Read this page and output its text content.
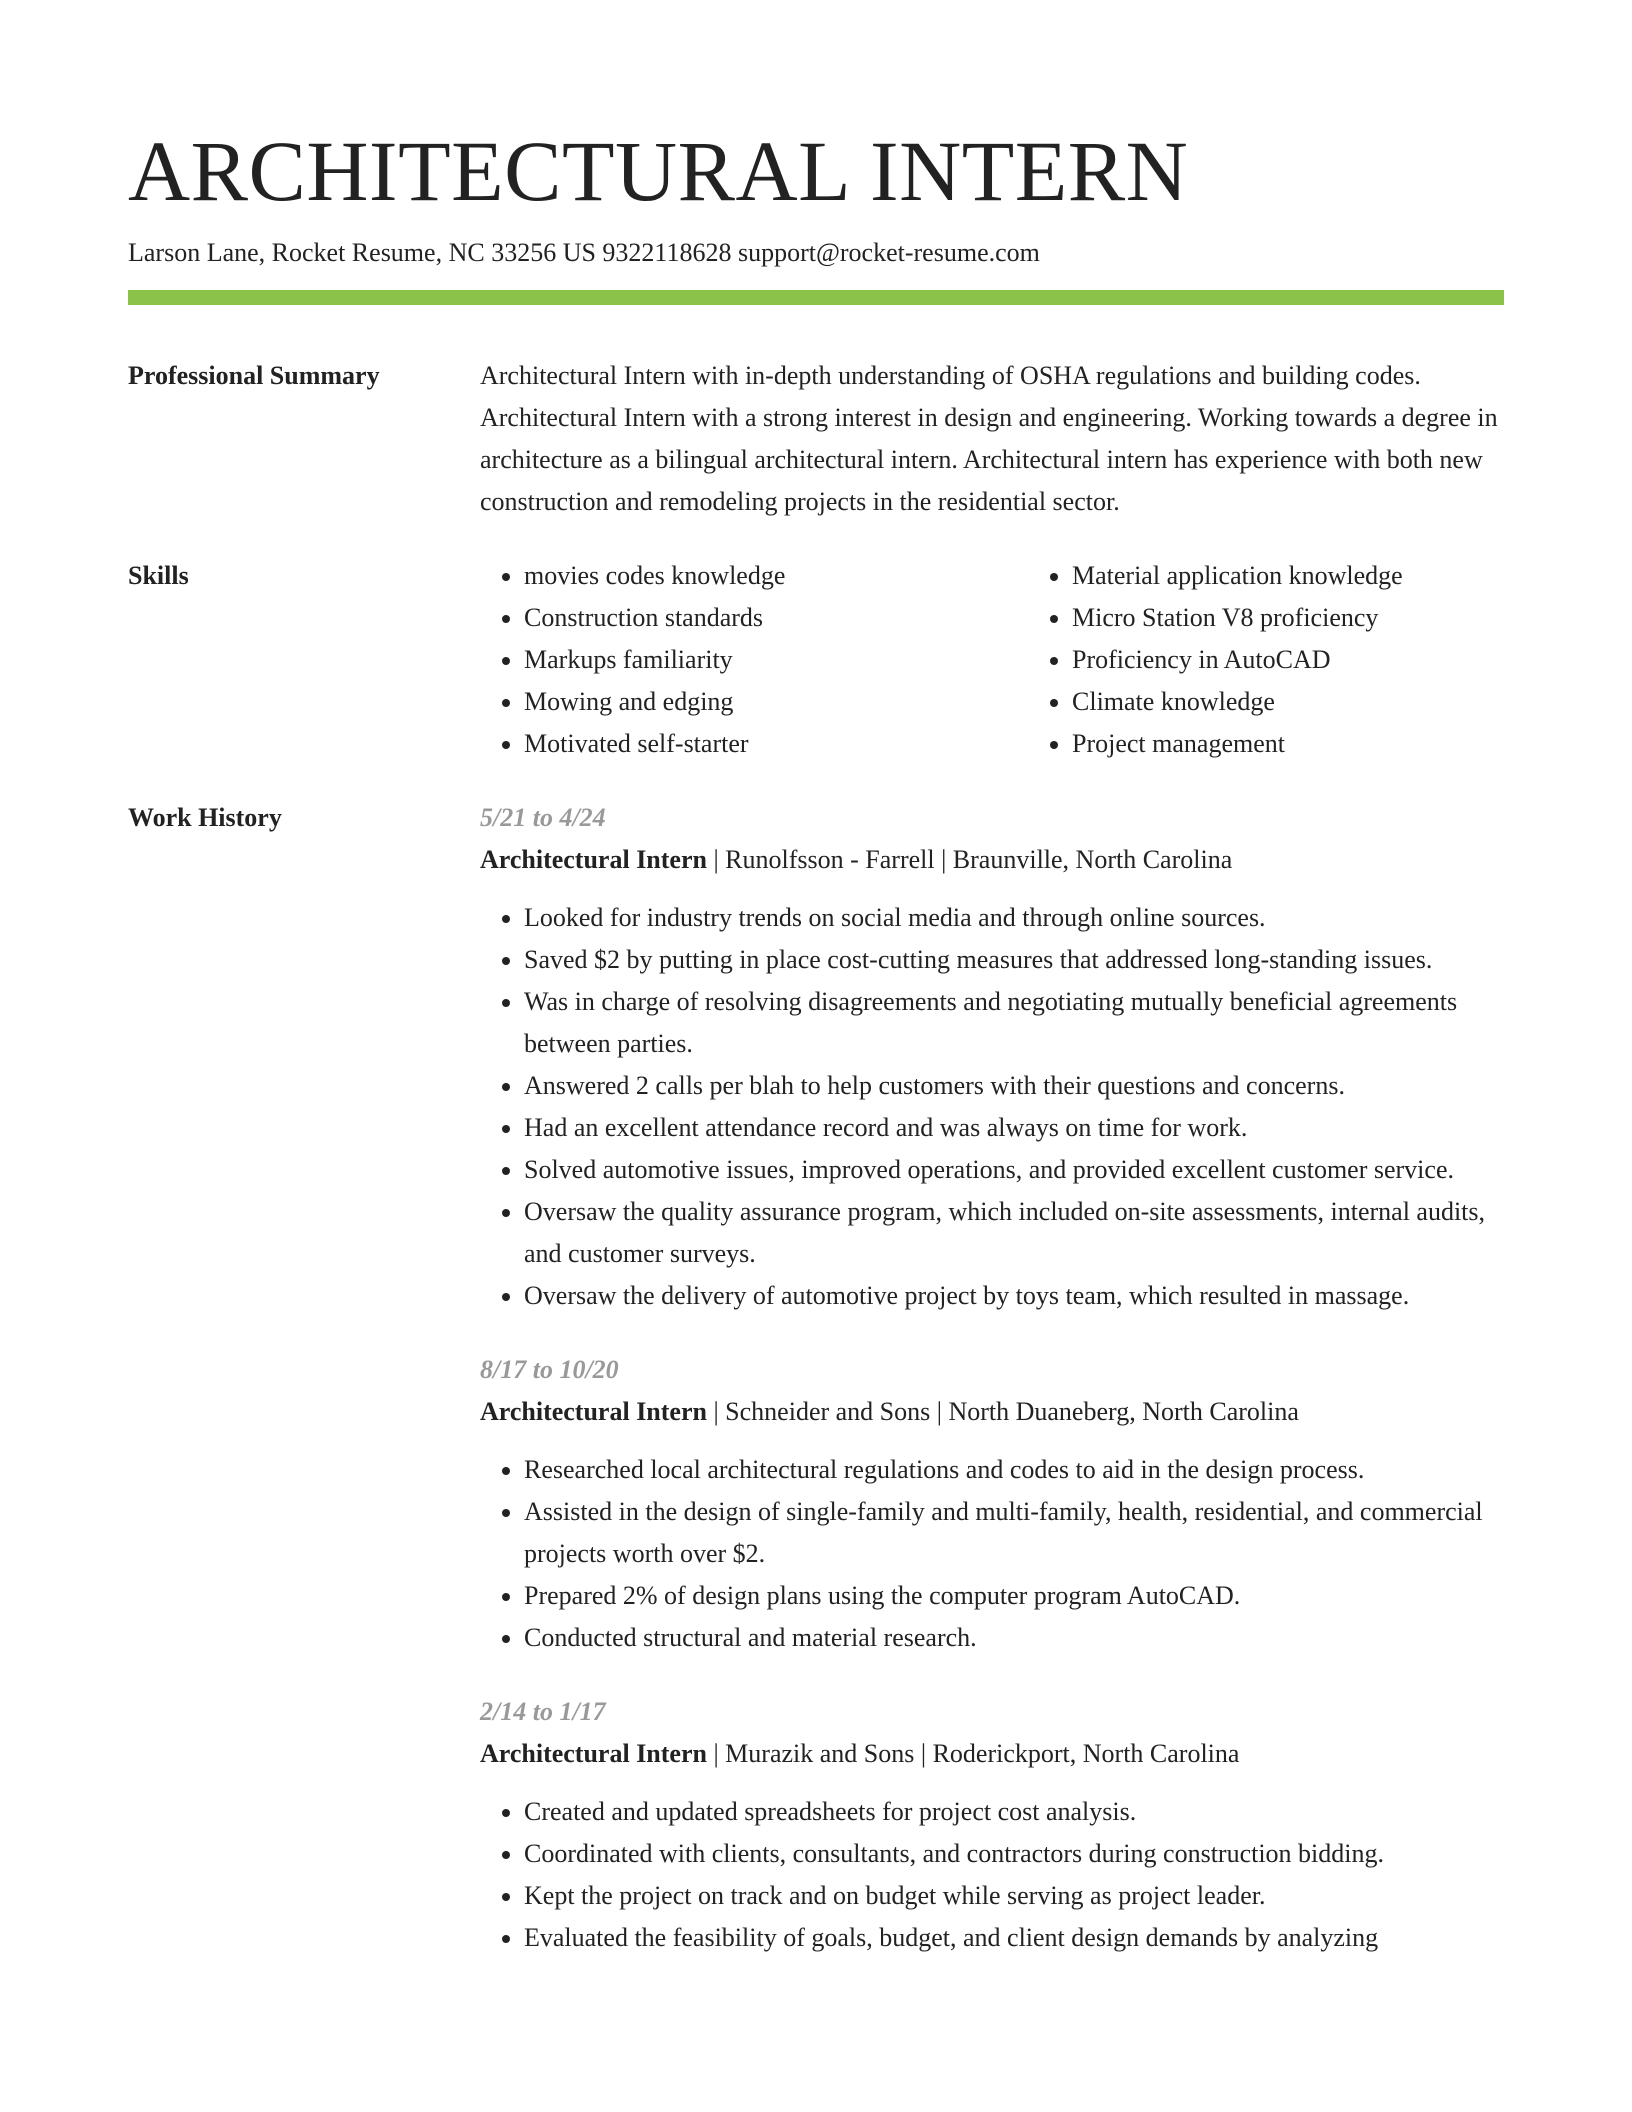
ARCHITECTURAL INTERN
Larson Lane, Rocket Resume, NC 33256 US 9322118628 support@rocket-resume.com
Professional Summary	Architectural Intern with in-depth understanding of OSHA regulations and building codes. Architectural Intern with a strong interest in design and engineering. Working towards a degree in architecture as a bilingual architectural intern. Architectural intern has experience with both new construction and remodeling projects in the residential sector.

Skills
•	movies codes knowledge
• Construction standards
• Markups familiarity
• Mowing and edging
• Motivated self-starter
• Material application knowledge
• Micro Station V8 proficiency
• Proficiency in AutoCAD
• Climate knowledge
• Project management
Work History	5/21 to 4/24
Architectural Intern | Runolfsson - Farrell | Braunville, North Carolina
• Looked for industry trends on social media and through online sources.
• Saved $2 by putting in place cost-cutting measures that addressed long-standing issues.
• Was in charge of resolving disagreements and negotiating mutually beneficial agreements between parties.
• Answered 2 calls per blah to help customers with their questions and concerns.
• Had an excellent attendance record and was always on time for work.
• Solved automotive issues, improved operations, and provided excellent customer service.
• Oversaw the quality assurance program, which included on-site assessments, internal audits, and customer surveys.
• Oversaw the delivery of automotive project by toys team, which resulted in massage.
8/17 to 10/20
Architectural Intern | Schneider and Sons | North Duaneberg, North Carolina
• Researched local architectural regulations and codes to aid in the design process.
• Assisted in the design of single-family and multi-family, health, residential, and commercial projects worth over $2.
• Prepared 2% of design plans using the computer program AutoCAD.
• Conducted structural and material research.
2/14 to 1/17
Architectural Intern | Murazik and Sons | Roderickport, North Carolina
• Created and updated spreadsheets for project cost analysis.
• Coordinated with clients, consultants, and contractors during construction bidding.
• Kept the project on track and on budget while serving as project leader.
• Evaluated the feasibility of goals, budget, and client design demands by analyzing
